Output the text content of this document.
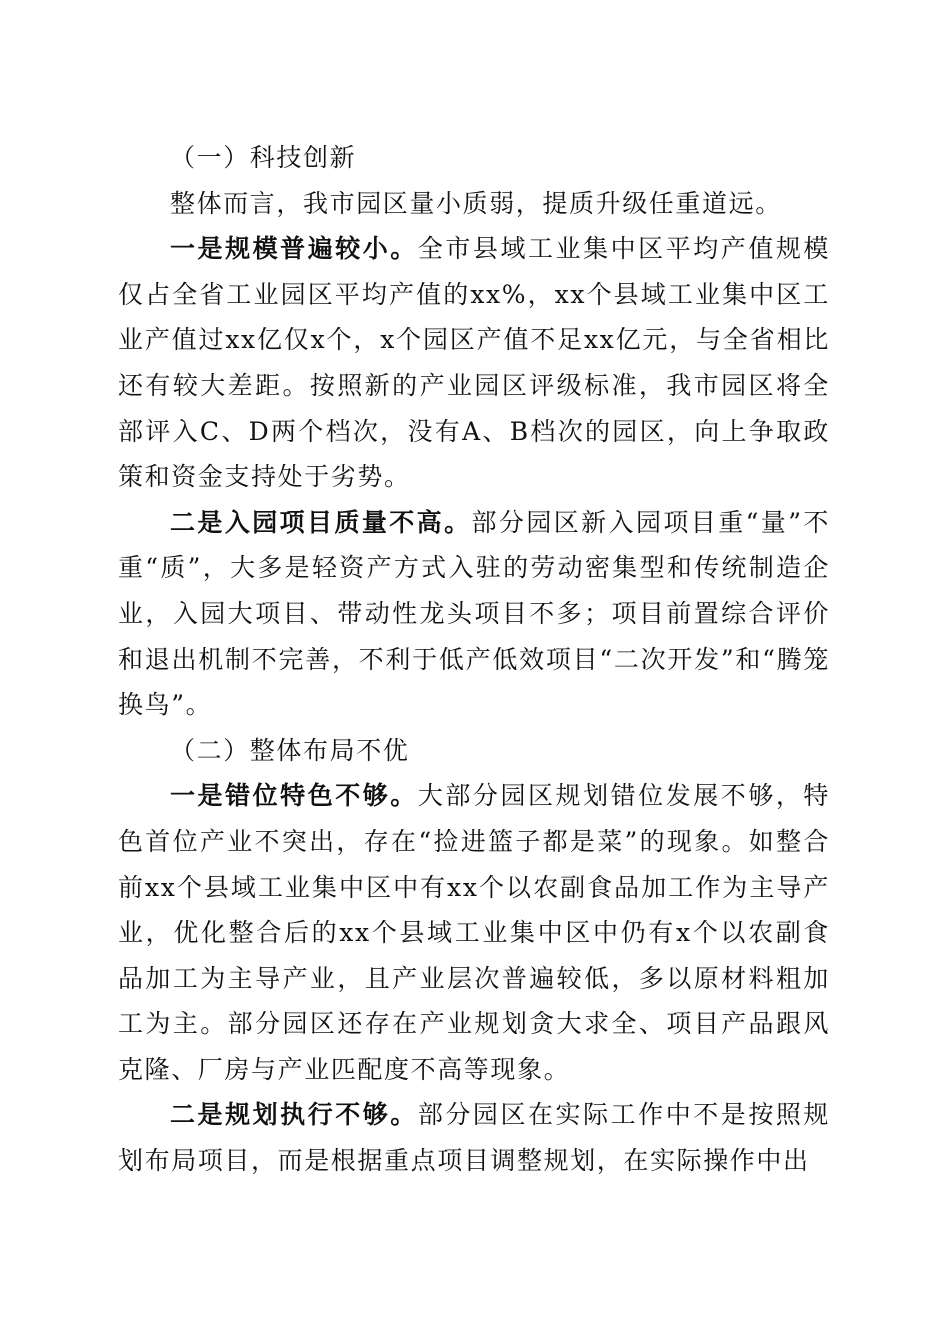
（一）科技创新

整体而言，我市园区量小质弱，提质升级任重道远。

一是规模普遍较小。全市县域工业集中区平均产值规模仅占全省工业园区平均产值的xx%，xx个县域工业集中区工业产值过xx亿仅x个，x个园区产值不足xx亿元，与全省相比还有较大差距。按照新的产业园区评级标准，我市园区将全部评入C、D两个档次，没有A、B档次的园区，向上争取政策和资金支持处于劣势。

二是入园项目质量不高。部分园区新入园项目重“量”不重“质”，大多是轻资产方式入驻的劳动密集型和传统制造企业，入园大项目、带动性龙头项目不多；项目前置综合评价和退出机制不完善，不利于低产低效项目“二次开发”和“腾笼换鸟”。

（二）整体布局不优

一是错位特色不够。大部分园区规划错位发展不够，特色首位产业不突出，存在“捡进篮子都是菜”的现象。如整合前xx个县域工业集中区中有xx个以农副食品加工作为主导产业，优化整合后的xx个县域工业集中区中仍有x个以农副食品加工为主导产业，且产业层次普遍较低，多以原材料粗加工为主。部分园区还存在产业规划贪大求全、项目产品跟风克隆、厂房与产业匹配度不高等现象。

二是规划执行不够。部分园区在实际工作中不是按照规划布局项目，而是根据重点项目调整规划，在实际操作中出
